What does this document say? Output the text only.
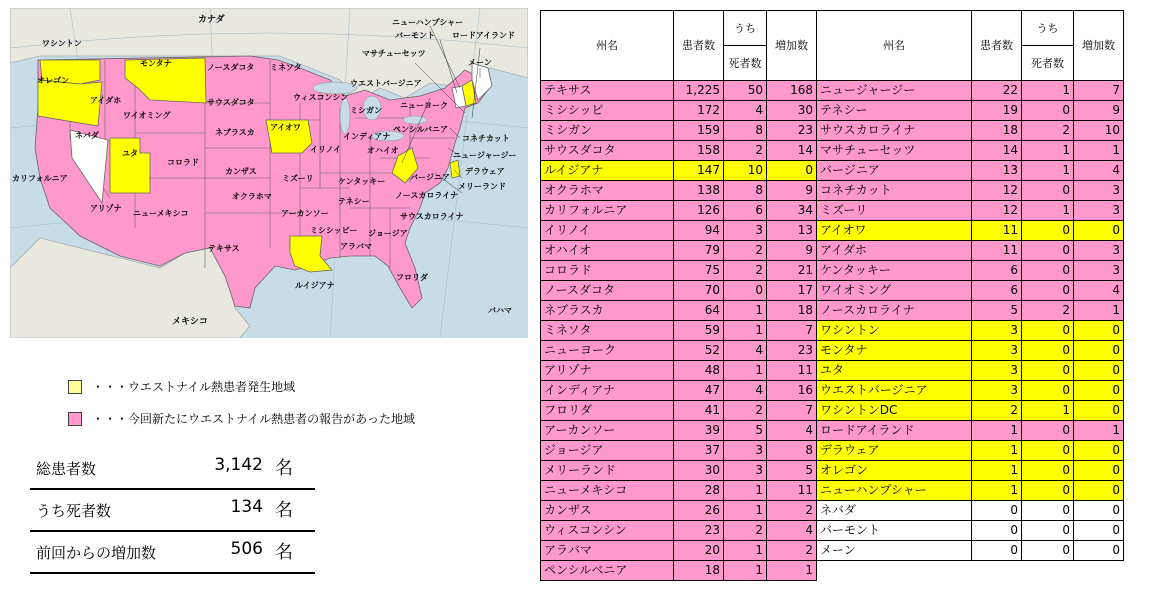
カナダ
メキシコ
バハマ
ワシントン
オレゴン
カリフォルニア
ネバダ
アイダホ
モンタナ
ワイオミング
ユタ
アリゾナ
コロラド
ニューメキシコ
ノースダコタ
サウスダコタ
ネブラスカ
カンザス
オクラホマ
テキサス
ミネソタ
アイオワ
ミズーリ
アーカンソー
ルイジアナ
ウィスコンシン
イリノイ
ミシガン
インディアナ
オハイオ
ケンタッキー
テネシー
ミシシッピー
アラバマ
ジョージア
フロリダ
サウスカロライナ
ノースカロライナ
バージニア
ウエストバージニア
ペンシルバニア
ニューヨーク
メリーランド
デラウェア
ニュージャージー
コネチカット
ロードアイランド
マサチューセッツ
バーモント
ニューハンプシャー
メーン
・・・ウエストナイル熱患者発生地域
・・・今回新たにウエストナイル熱患者の報告があった地域
総患者数	3,142 名
うち死者数	134 名
前回からの増加数	506 名
州名	患者数	うち	増加数	州名	患者数	うち	増加数
		死者数				死者数	
テキサス	1,225	50	168	ニュージャージー	22	1	7
ミシシッピ	172	4	30	テネシー	19	0	9
ミシガン	159	8	23	サウスカロライナ	18	2	10
サウスダコタ	158	2	14	マサチューセッツ	14	1	1
ルイジアナ	147	10	0	バージニア	13	1	4
オクラホマ	138	8	9	コネチカット	12	0	3
カリフォルニア	126	6	34	ミズーリ	12	1	3
イリノイ	94	3	13	アイオワ	11	0	0
オハイオ	79	2	9	アイダホ	11	0	3
コロラド	75	2	21	ケンタッキー	6	0	3
ノースダコタ	70	0	17	ワイオミング	6	0	4
ネブラスカ	64	1	18	ノースカロライナ	5	2	1
ミネソタ	59	1	7	ワシントン	3	0	0
ニューヨーク	52	4	23	モンタナ	3	0	0
アリゾナ	48	1	11	ユタ	3	0	0
インディアナ	47	4	16	ウエストバージニア	3	0	0
フロリダ	41	2	7	ワシントンDC	2	1	0
アーカンソー	39	5	4	ロードアイランド	1	0	1
ジョージア	37	3	8	デラウェア	1	0	0
メリーランド	30	3	5	オレゴン	1	0	0
ニューメキシコ	28	1	11	ニューハンプシャー	1	0	0
カンザス	26	1	2	ネバダ	0	0	0
ウィスコンシン	23	2	4	バーモント	0	0	0
アラバマ	20	1	2	メーン	0	0	0
ペンシルベニア	18	1	1				
